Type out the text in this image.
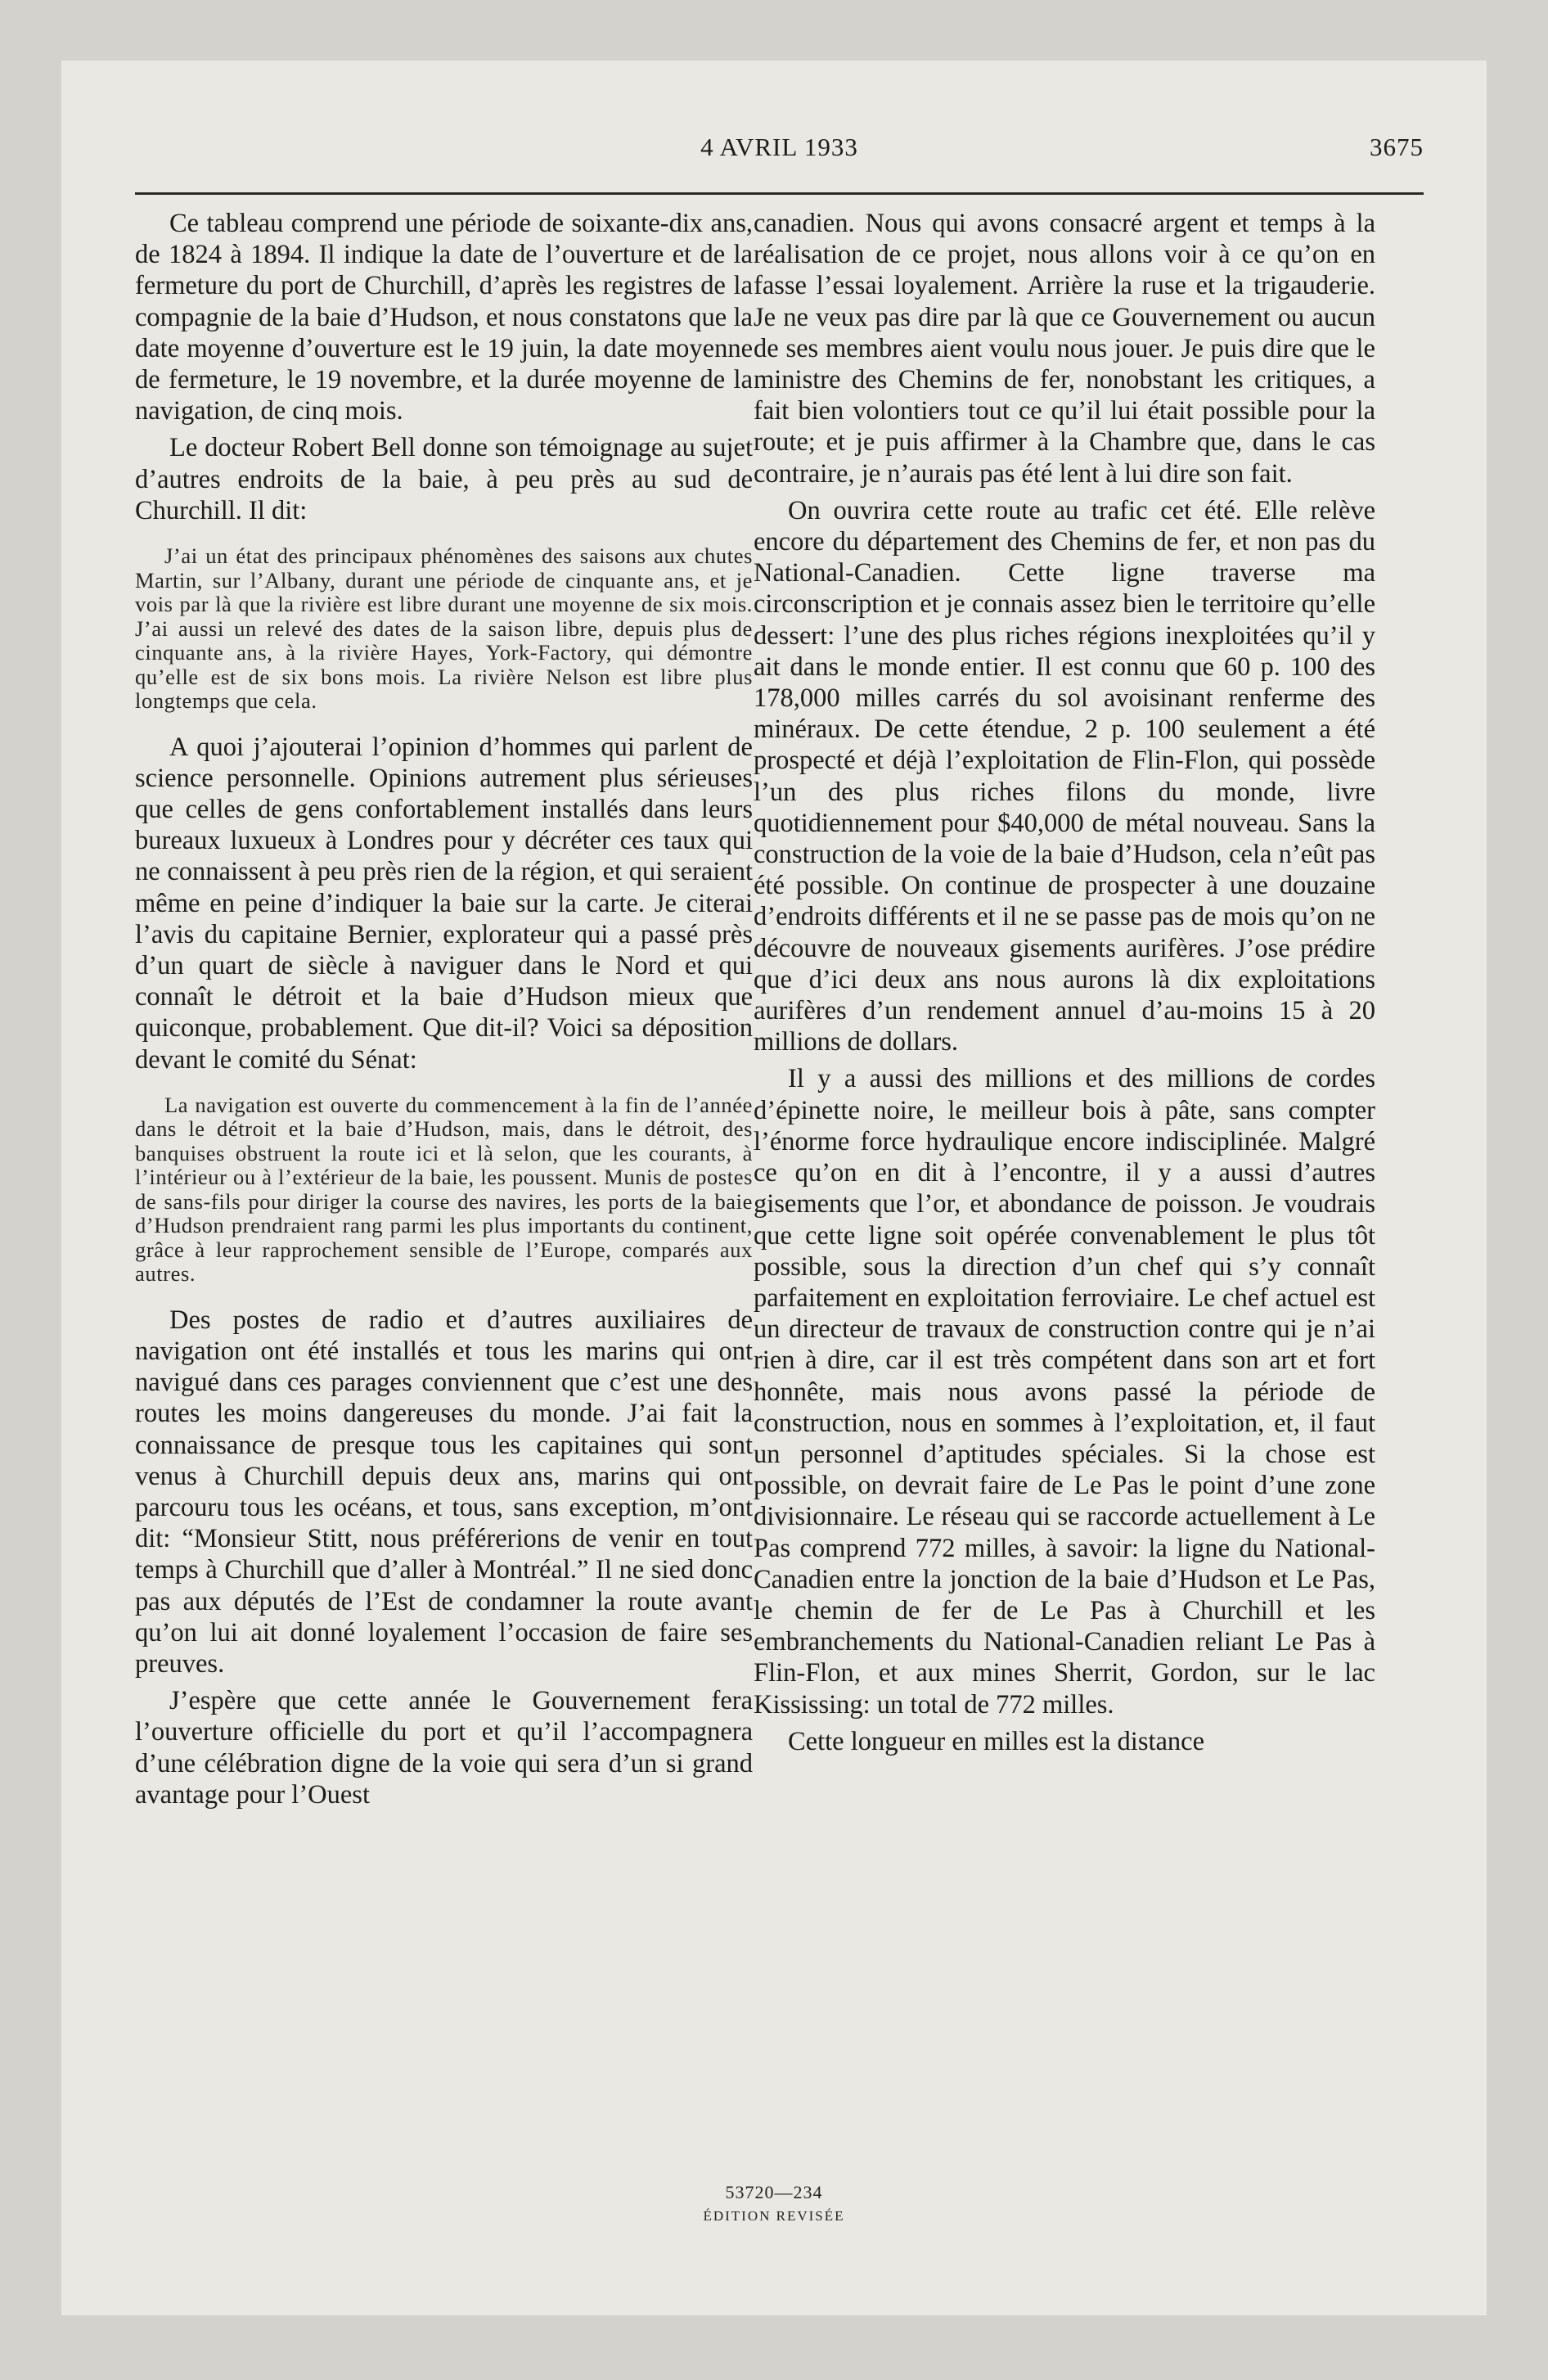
4 AVRIL 1933	3675

Ce tableau comprend une période de soixante-dix ans, de 1824 à 1894. Il indique la date de l’ouverture et de la fermeture du port de Churchill, d’après les registres de la compagnie de la baie d’Hudson, et nous constatons que la date moyenne d’ouverture est le 19 juin, la date moyenne de fermeture, le 19 novembre, et la durée moyenne de la navigation, de cinq mois.

Le docteur Robert Bell donne son témoignage au sujet d’autres endroits de la baie, à peu près au sud de Churchill. Il dit:

J’ai un état des principaux phénomènes des saisons aux chutes Martin, sur l’Albany, durant une période de cinquante ans, et je vois par là que la rivière est libre durant une moyenne de six mois. J’ai aussi un relevé des dates de la saison libre, depuis plus de cinquante ans, à la rivière Hayes, York-Factory, qui démontre qu’elle est de six bons mois. La rivière Nelson est libre plus longtemps que cela.

A quoi j’ajouterai l’opinion d’hommes qui parlent de science personnelle. Opinions autrement plus sérieuses que celles de gens confortablement installés dans leurs bureaux luxueux à Londres pour y décréter ces taux qui ne connaissent à peu près rien de la région, et qui seraient même en peine d’indiquer la baie sur la carte. Je citerai l’avis du capitaine Bernier, explorateur qui a passé près d’un quart de siècle à naviguer dans le Nord et qui connaît le détroit et la baie d’Hudson mieux que quiconque, probablement. Que dit-il? Voici sa déposition devant le comité du Sénat:

La navigation est ouverte du commencement à la fin de l’année dans le détroit et la baie d’Hudson, mais, dans le détroit, des banquises obstruent la route ici et là selon, que les courants, à l’intérieur ou à l’extérieur de la baie, les poussent. Munis de postes de sans-fils pour diriger la course des navires, les ports de la baie d’Hudson prendraient rang parmi les plus importants du continent, grâce à leur rapprochement sensible de l’Europe, comparés aux autres.

Des postes de radio et d’autres auxiliaires de navigation ont été installés et tous les marins qui ont navigué dans ces parages conviennent que c’est une des routes les moins dangereuses du monde. J’ai fait la connaissance de presque tous les capitaines qui sont venus à Churchill depuis deux ans, marins qui ont parcouru tous les océans, et tous, sans exception, m’ont dit: “Monsieur Stitt, nous préférerions de venir en tout temps à Churchill que d’aller à Montréal.” Il ne sied donc pas aux députés de l’Est de condamner la route avant qu’on lui ait donné loyalement l’occasion de faire ses preuves.

J’espère que cette année le Gouvernement fera l’ouverture officielle du port et qu’il l’accompagnera d’une célébration digne de la voie qui sera d’un si grand avantage pour l’Ouest

canadien. Nous qui avons consacré argent et temps à la réalisation de ce projet, nous allons voir à ce qu’on en fasse l’essai loyalement. Arrière la ruse et la trigauderie. Je ne veux pas dire par là que ce Gouvernement ou aucun de ses membres aient voulu nous jouer. Je puis dire que le ministre des Chemins de fer, nonobstant les critiques, a fait bien volontiers tout ce qu’il lui était possible pour la route; et je puis affirmer à la Chambre que, dans le cas contraire, je n’aurais pas été lent à lui dire son fait.

On ouvrira cette route au trafic cet été. Elle relève encore du département des Chemins de fer, et non pas du National-Canadien. Cette ligne traverse ma circonscription et je connais assez bien le territoire qu’elle dessert: l’une des plus riches régions inexploitées qu’il y ait dans le monde entier. Il est connu que 60 p. 100 des 178,000 milles carrés du sol avoisinant renferme des minéraux. De cette étendue, 2 p. 100 seulement a été prospecté et déjà l’exploitation de Flin-Flon, qui possède l’un des plus riches filons du monde, livre quotidiennement pour $40,000 de métal nouveau. Sans la construction de la voie de la baie d’Hudson, cela n’eût pas été possible. On continue de prospecter à une douzaine d’endroits différents et il ne se passe pas de mois qu’on ne découvre de nouveaux gisements aurifères. J’ose prédire que d’ici deux ans nous aurons là dix exploitations aurifères d’un rendement annuel d’au-moins 15 à 20 millions de dollars.

Il y a aussi des millions et des millions de cordes d’épinette noire, le meilleur bois à pâte, sans compter l’énorme force hydraulique encore indisciplinée. Malgré ce qu’on en dit à l’encontre, il y a aussi d’autres gisements que l’or, et abondance de poisson. Je voudrais que cette ligne soit opérée convenablement le plus tôt possible, sous la direction d’un chef qui s’y connaît parfaitement en exploitation ferroviaire. Le chef actuel est un directeur de travaux de construction contre qui je n’ai rien à dire, car il est très compétent dans son art et fort honnête, mais nous avons passé la période de construction, nous en sommes à l’exploitation, et, il faut un personnel d’aptitudes spéciales. Si la chose est possible, on devrait faire de Le Pas le point d’une zone divisionnaire. Le réseau qui se raccorde actuellement à Le Pas comprend 772 milles, à savoir: la ligne du National-Canadien entre la jonction de la baie d’Hudson et Le Pas, le chemin de fer de Le Pas à Churchill et les embranchements du National-Canadien reliant Le Pas à Flin-Flon, et aux mines Sherrit, Gordon, sur le lac Kississing: un total de 772 milles.

Cette longueur en milles est la distance

53720—234
ÉDITION REVISÉE
